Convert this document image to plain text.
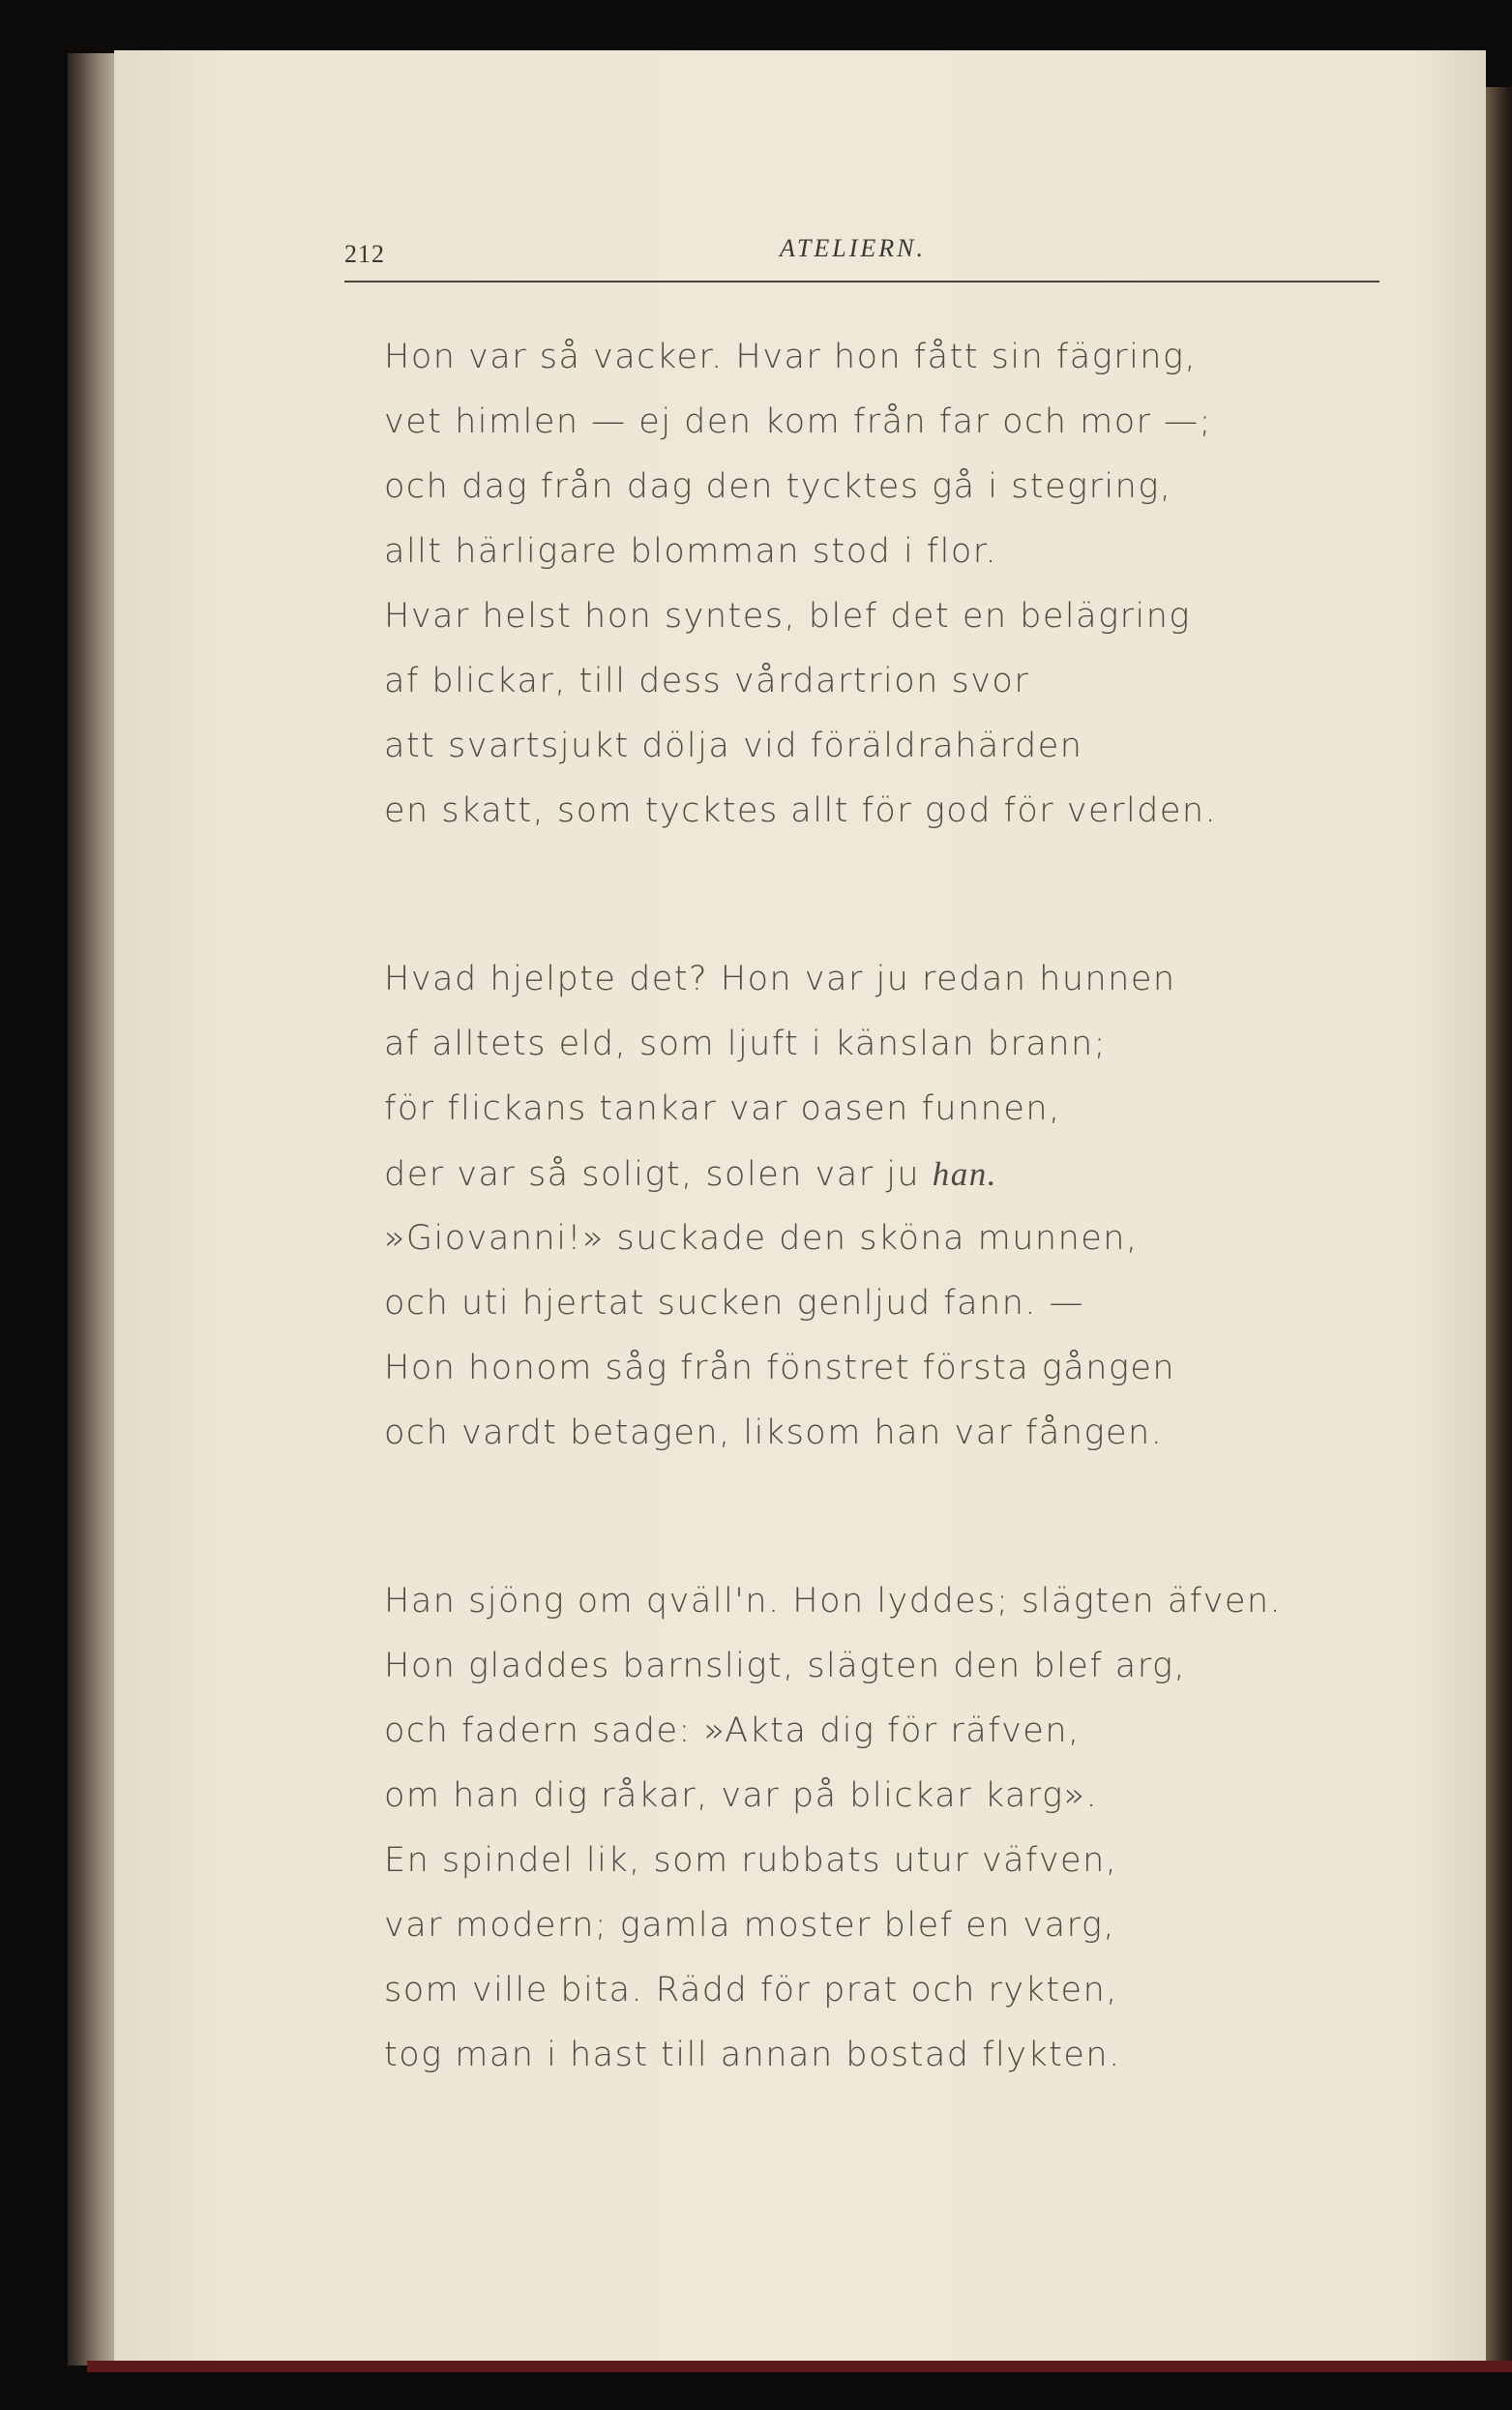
212	ATELIERN.
Hon var så vacker. Hvar hon fått sin fägring,
vet himlen — ej den kom från far och mor —;
och dag från dag den tycktes gå i stegring,
allt härligare blomman stod i flor.
Hvar helst hon syntes, blef det en belägring
af blickar, till dess vårdartrion svor
att svartsjukt dölja vid föräldrahärden
en skatt, som tycktes allt för god för verlden.
Hvad hjelpte det? Hon var ju redan hunnen
af alltets eld, som ljuft i känslan brann;
för flickans tankar var oasen funnen,
der var så soligt, solen var ju han.
»Giovanni!» suckade den sköna munnen,
och uti hjertat sucken genljud fann. —
Hon honom såg från fönstret första gången
och vardt betagen, liksom han var fången.
Han sjöng om qväll'n. Hon lyddes; slägten äfven.
Hon gladdes barnsligt, slägten den blef arg,
och fadern sade: »Akta dig för räfven,
om han dig råkar, var på blickar karg».
En spindel lik, som rubbats utur väfven,
var modern; gamla moster blef en varg,
som ville bita. Rädd för prat och rykten,
tog man i hast till annan bostad flykten.
